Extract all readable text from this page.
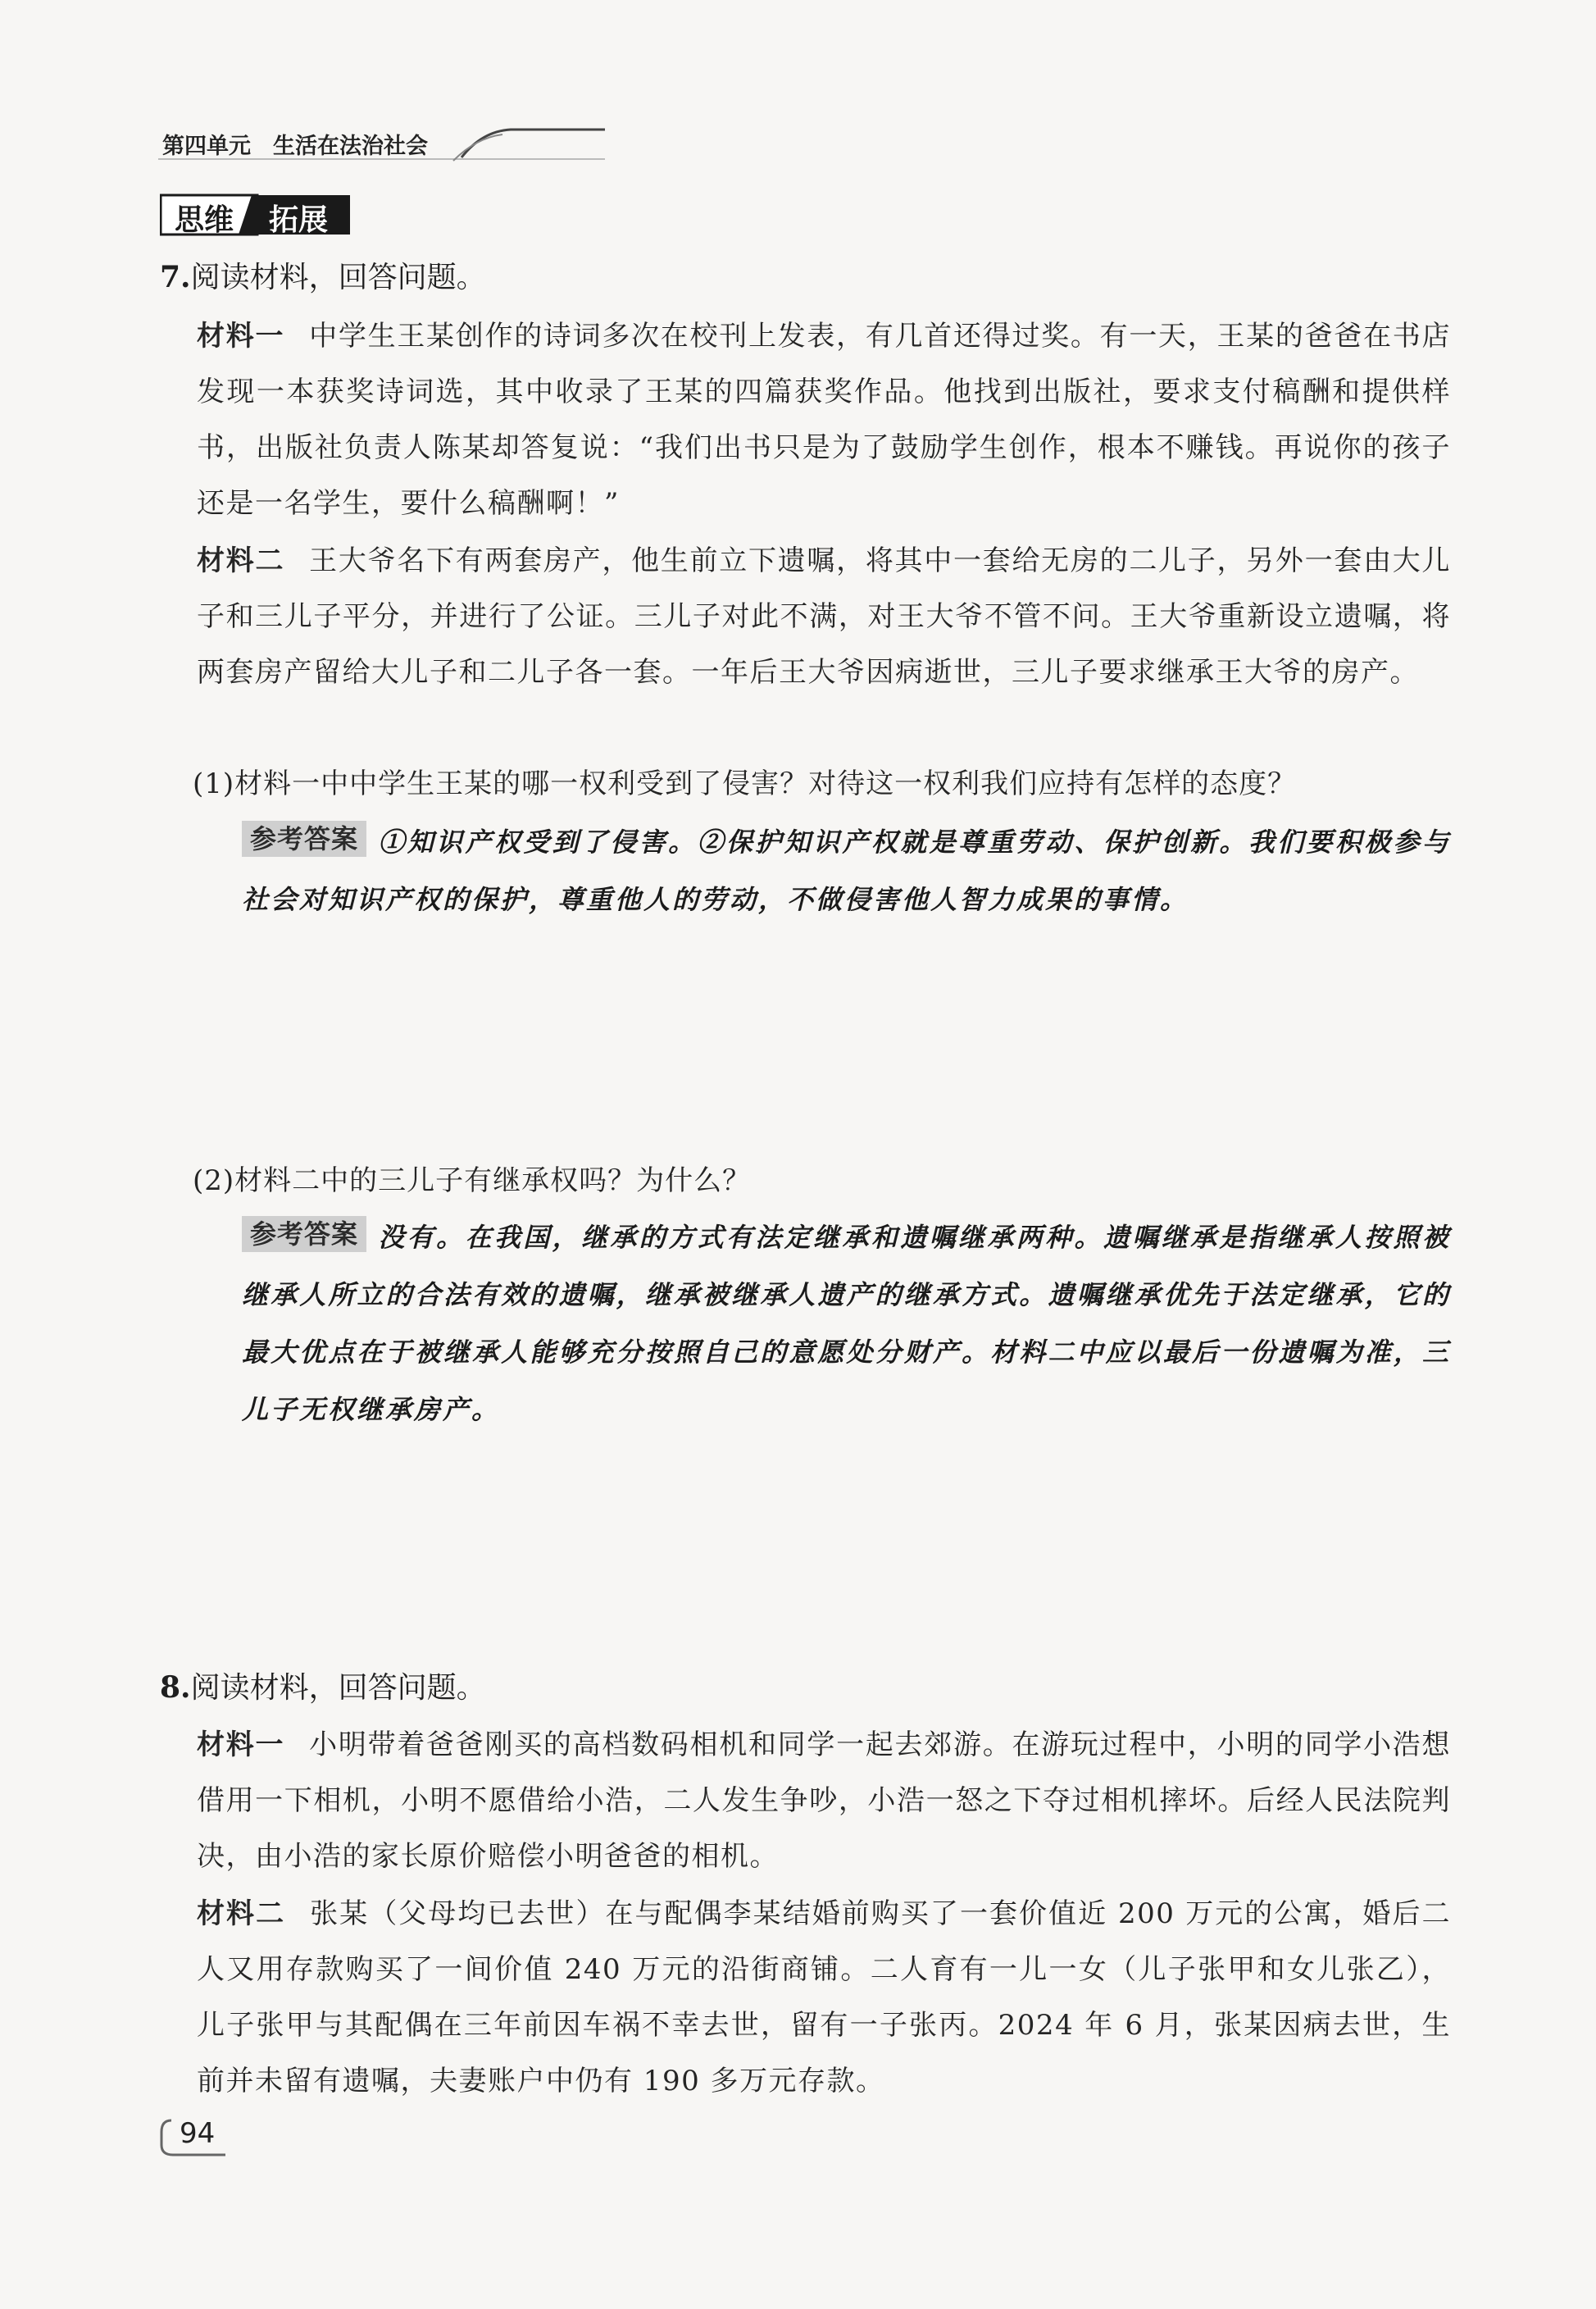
第四单元　生活在法治社会
思维 拓展
7.阅读材料，回答问题。
材料一 中学生王某创作的诗词多次在校刊上发表，有几首还得过奖。有一天，王某的爸爸在书店发现一本获奖诗词选，其中收录了王某的四篇获奖作品。他找到出版社，要求支付稿酬和提供样书，出版社负责人陈某却答复说：“我们出书只是为了鼓励学生创作，根本不赚钱。再说你的孩子还是一名学生，要什么稿酬啊！”
材料二 王大爷名下有两套房产，他生前立下遗嘱，将其中一套给无房的二儿子，另外一套由大儿子和三儿子平分，并进行了公证。三儿子对此不满，对王大爷不管不问。王大爷重新设立遗嘱，将两套房产留给大儿子和二儿子各一套。一年后王大爷因病逝世，三儿子要求继承王大爷的房产。
(1)材料一中中学生王某的哪一权利受到了侵害？对待这一权利我们应持有怎样的态度？
参考答案 ①知识产权受到了侵害。②保护知识产权就是尊重劳动、保护创新。我们要积极参与社会对知识产权的保护，尊重他人的劳动，不做侵害他人智力成果的事情。
(2)材料二中的三儿子有继承权吗？为什么？
参考答案 没有。在我国，继承的方式有法定继承和遗嘱继承两种。遗嘱继承是指继承人按照被继承人所立的合法有效的遗嘱，继承被继承人遗产的继承方式。遗嘱继承优先于法定继承，它的最大优点在于被继承人能够充分按照自己的意愿处分财产。材料二中应以最后一份遗嘱为准，三儿子无权继承房产。
8.阅读材料，回答问题。
材料一 小明带着爸爸刚买的高档数码相机和同学一起去郊游。在游玩过程中，小明的同学小浩想借用一下相机，小明不愿借给小浩，二人发生争吵，小浩一怒之下夺过相机摔坏。后经人民法院判决，由小浩的家长原价赔偿小明爸爸的相机。
材料二 张某（父母均已去世）在与配偶李某结婚前购买了一套价值近 200 万元的公寓，婚后二人又用存款购买了一间价值 240 万元的沿街商铺。二人育有一儿一女（儿子张甲和女儿张乙），儿子张甲与其配偶在三年前因车祸不幸去世，留有一子张丙。2024 年 6 月，张某因病去世，生前并未留有遗嘱，夫妻账户中仍有 190 多万元存款。
94
